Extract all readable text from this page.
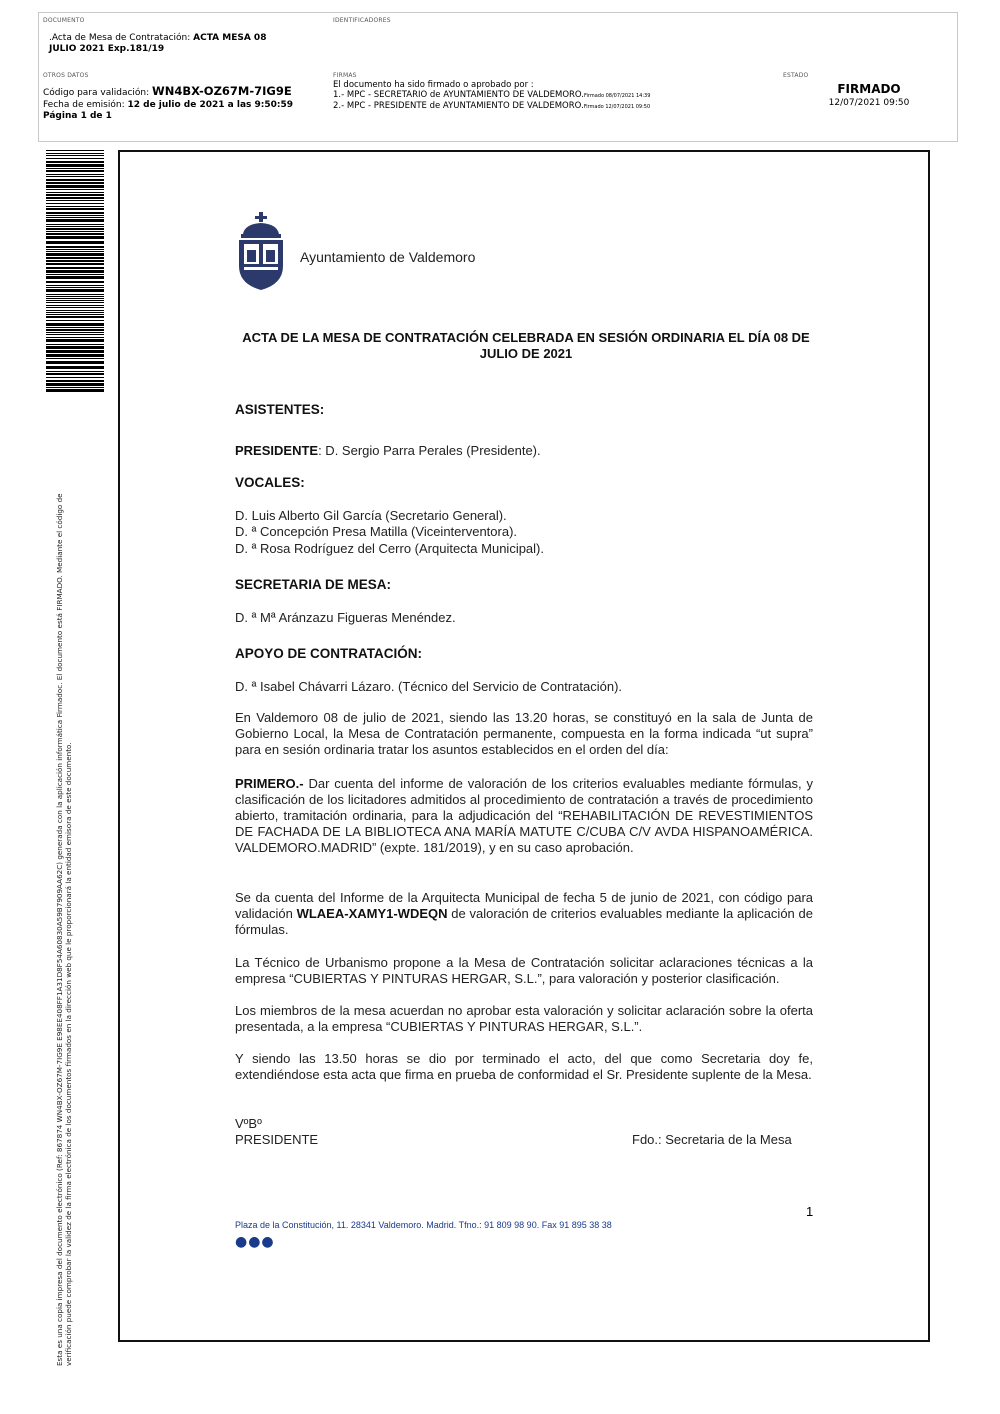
DOCUMENTO
.Acta de Mesa de Contratación: ACTA MESA 08
JULIO 2021 Exp.181/19
IDENTIFICADORES
OTROS DATOS
Código para validación: WN4BX-OZ67M-7IG9E
Fecha de emisión: 12 de julio de 2021 a las 9:50:59
Página 1 de 1
FIRMAS
El documento ha sido firmado o aprobado por :
1.- MPC - SECRETARIO de AYUNTAMIENTO DE VALDEMORO.Firmado 08/07/2021 14:39
2.- MPC - PRESIDENTE de AYUNTAMIENTO DE VALDEMORO.Firmado 12/07/2021 09:50
ESTADO
FIRMADO
12/07/2021 09:50
Esta es una copia impresa del documento electrónico (Ref: 867874 WN4BX-OZ67M-7IG9E E98EE408FF1A31D8F54A60830A59B7909AA62C) generada con la aplicación informática Firmadoc. El documento está FIRMADO. Mediante el código de verificación puede comprobar la validez de la firma electrónica de los documentos firmados en la dirección web que le proporcionará la entidad emisora de este documento.
Ayuntamiento de Valdemoro
ACTA DE LA MESA DE CONTRATACIÓN CELEBRADA EN SESIÓN ORDINARIA EL DÍA 08 DE JULIO DE 2021
ASISTENTES:
PRESIDENTE: D. Sergio Parra Perales (Presidente).
VOCALES:
D. Luis Alberto Gil García (Secretario General).
D. ª Concepción Presa Matilla (Viceinterventora).
D. ª Rosa Rodríguez del Cerro (Arquitecta Municipal).
SECRETARIA DE MESA:
D. ª Mª Aránzazu Figueras Menéndez.
APOYO DE CONTRATACIÓN:
D. ª Isabel Chávarri Lázaro. (Técnico del Servicio de Contratación).
En Valdemoro 08 de julio de 2021, siendo las 13.20 horas, se constituyó en la sala de Junta de Gobierno Local, la Mesa de Contratación permanente, compuesta en la forma indicada “ut supra” para en sesión ordinaria tratar los asuntos establecidos en el orden del día:
PRIMERO.- Dar cuenta del informe de valoración de los criterios evaluables mediante fórmulas, y clasificación de los licitadores admitidos al procedimiento de contratación a través de procedimiento abierto, tramitación ordinaria, para la adjudicación del “REHABILITACIÓN DE REVESTIMIENTOS DE FACHADA DE LA BIBLIOTECA ANA MARÍA MATUTE C/CUBA C/V AVDA HISPANOAMÉRICA. VALDEMORO.MADRID” (expte. 181/2019), y en su caso aprobación.
Se da cuenta del Informe de la Arquitecta Municipal de fecha 5 de junio de 2021, con código para validación WLAEA-XAMY1-WDEQN de valoración de criterios evaluables mediante la aplicación de fórmulas.
La Técnico de Urbanismo propone a la Mesa de Contratación solicitar aclaraciones técnicas a la empresa “CUBIERTAS Y PINTURAS HERGAR, S.L.”, para valoración y posterior clasificación.
Los miembros de la mesa acuerdan no aprobar esta valoración y solicitar aclaración sobre la oferta presentada, a la empresa “CUBIERTAS Y PINTURAS HERGAR, S.L.”.
Y siendo las 13.50 horas se dio por terminado el acto, del que como Secretaria doy fe, extendiéndose esta acta que firma en prueba de conformidad el Sr. Presidente suplente de la Mesa.
VºBº
PRESIDENTE	Fdo.: Secretaria de la Mesa
1
Plaza de la Constitución, 11. 28341 Valdemoro. Madrid. Tfno.: 91 809 98 90. Fax 91 895 38 38
●●●
